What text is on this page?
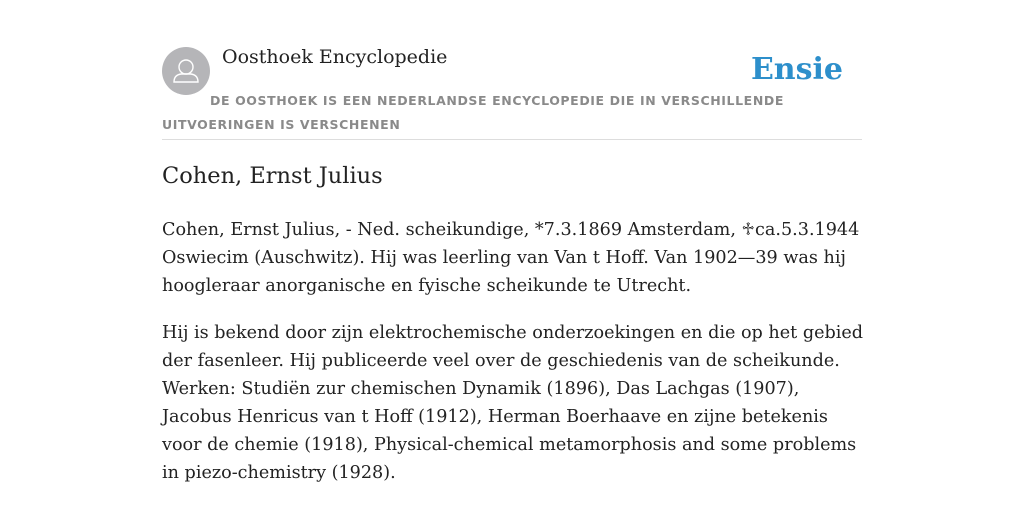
Oosthoek Encyclopedie	Ensie
DE OOSTHOEK IS EEN NEDERLANDSE ENCYCLOPEDIE DIE IN VERSCHILLENDE UITVOERINGEN IS VERSCHENEN
Cohen, Ernst Julius

Cohen, Ernst Julius, - Ned. scheikundige, *7.3.1869 Amsterdam, ♱ca.5.3.1944 Oswiecim (Auschwitz). Hij was leerling van Van t Hoff. Van 1902—39 was hij hoogleraar anorganische en fyische scheikunde te Utrecht.

Hij is bekend door zijn elektrochemische onderzoekingen en die op het gebied der fasenleer. Hij publiceerde veel over de geschiedenis van de scheikunde. Werken: Studiën zur chemischen Dynamik (1896), Das Lachgas (1907), Jacobus Henricus van t Hoff (1912), Herman Boerhaave en zijne betekenis voor de chemie (1918), Physical-chemical metamorphosis and some problems in piezo-chemistry (1928).
